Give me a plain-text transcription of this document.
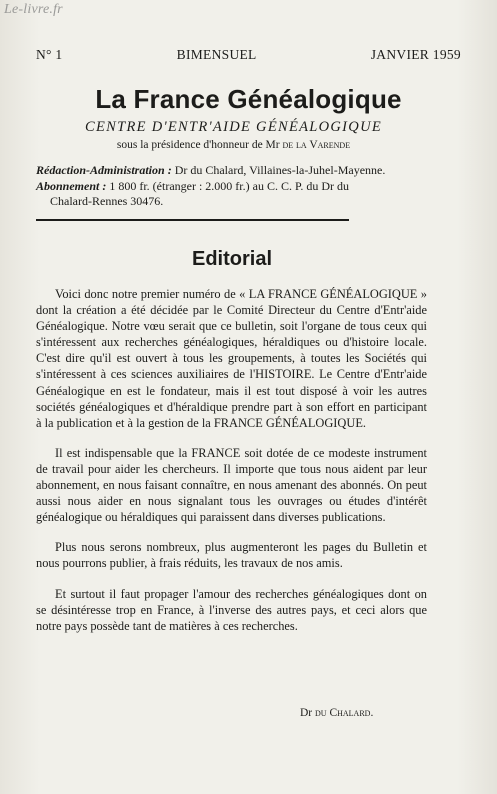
Le-livre.fr
N° 1	BIMENSUEL	JANVIER 1959
La France Généalogique
CENTRE D'ENTR'AIDE GÉNÉALOGIQUE
sous la présidence d'honneur de Mr de la Varende
Rédaction-Administration : Dr du Chalard, Villaines-la-Juhel-Mayenne.
Abonnement : 1 800 fr. (étranger : 2.000 fr.) au C. C. P. du Dr du
Chalard-Rennes 30476.
Editorial

Voici donc notre premier numéro de « LA FRANCE GÉNÉALOGIQUE » dont la création a été décidée par le Comité Directeur du Centre d'Entr'aide Généalogique. Notre vœu serait que ce bulletin, soit l'organe de tous ceux qui s'intéressent aux recherches généalogiques, héraldiques ou d'histoire locale. C'est dire qu'il est ouvert à tous les groupements, à toutes les Sociétés qui s'intéressent à ces sciences auxiliaires de l'HISTOIRE. Le Centre d'Entr'aide Généalogique en est le fondateur, mais il est tout disposé à voir les autres sociétés généalogiques et d'héraldique prendre part à son effort en participant à la publication et à la gestion de la FRANCE GÉNÉALOGIQUE.

Il est indispensable que la FRANCE soit dotée de ce modeste instrument de travail pour aider les chercheurs. Il importe que tous nous aident par leur abonnement, en nous faisant connaître, en nous amenant des abonnés. On peut aussi nous aider en nous signalant tous les ouvrages ou études d'intérêt généalogique ou héraldiques qui paraissent dans diverses publications.

Plus nous serons nombreux, plus augmenteront les pages du Bulletin et nous pourrons publier, à frais réduits, les travaux de nos amis.

Et surtout il faut propager l'amour des recherches généalogiques dont on se désintéresse trop en France, à l'inverse des autres pays, et ceci alors que notre pays possède tant de matières à ces recherches.

Dr du Chalard.
